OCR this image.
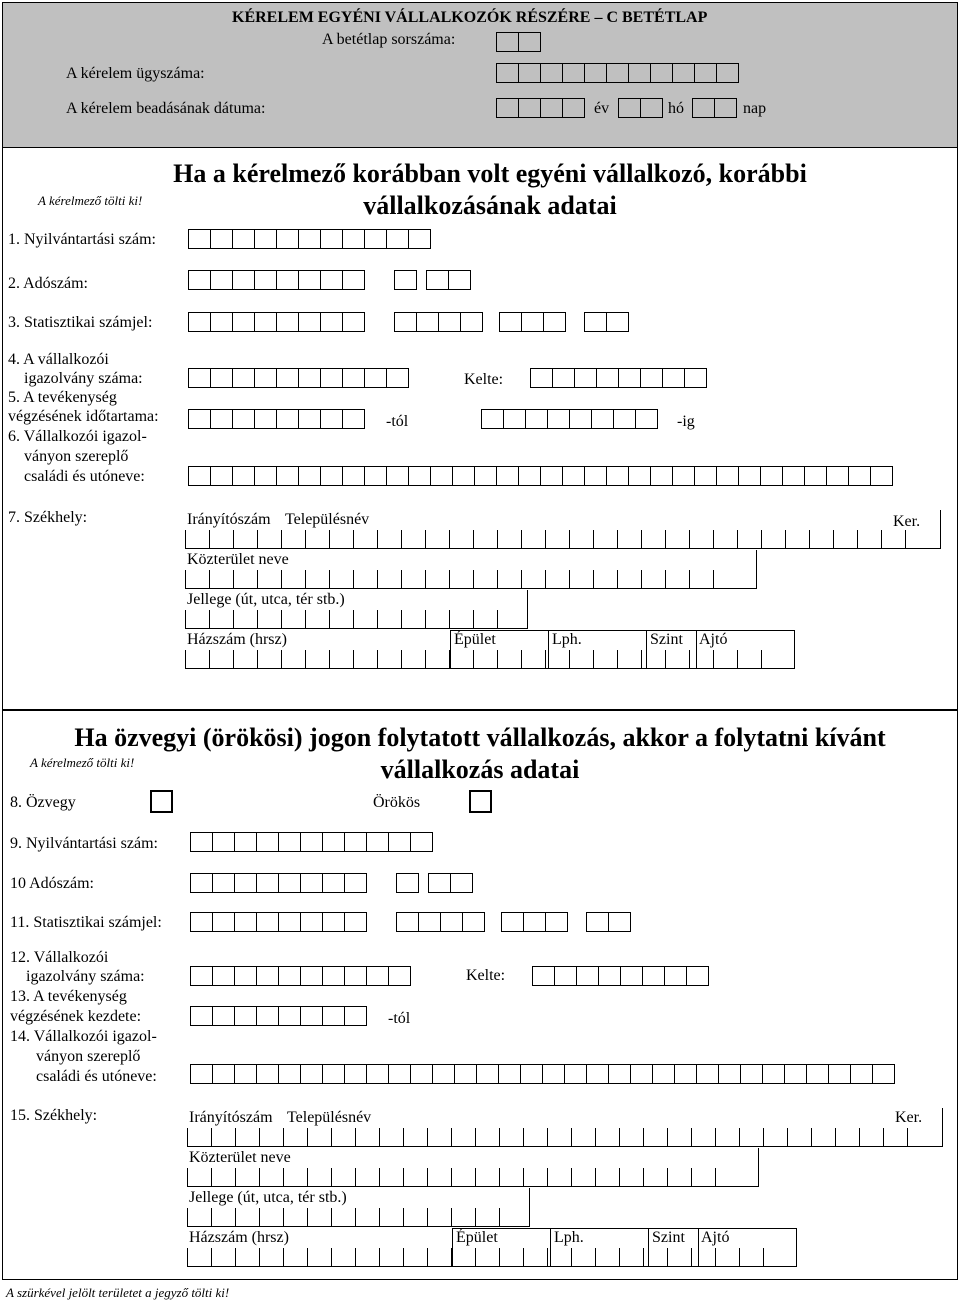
KÉRELEM EGYÉNI VÁLLALKOZÓK RÉSZÉRE – C BETÉTLAP
A betétlap sorszáma:
A kérelem ügyszáma:
A kérelem beadásának dátuma:	év	hó	nap
A kérelmező tölti ki!
Ha a kérelmező korábban volt egyéni vállalkozó, korábbi vállalkozásának adatai
1. Nyilvántartási szám:
2. Adószám:
3. Statisztikai számjel:
4. A vállalkozói
igazolvány száma:	Kelte:
5. A tevékenység
végzésének időtartama:	-tól	-ig
6. Vállalkozói igazol-
ványon szereplő
családi és utóneve:
7. Székhely:	Irányítószám Településnév	Ker.
Közterület neve
Jellege (út, utca, tér stb.)
Házszám (hrsz)	Épület	Lph.	Szint Ajtó
Ha özvegyi (örökösi) jogon folytatott vállalkozás, akkor a folytatni kívánt vállalkozás adatai
A kérelmező tölti ki!
8. Özvegy	Örökös
9. Nyilvántartási szám:
10 Adószám:
11. Statisztikai számjel:
12. Vállalkozói
igazolvány száma:	Kelte:
13. A tevékenység
végzésének kezdete:	-tól
14. Vállalkozói igazol-
ványon szereplő
családi és utóneve:
15. Székhely:	Irányítószám Településnév	Ker.
Közterület neve
Jellege (út, utca, tér stb.)
Házszám (hrsz)	Épület	Lph.	Szint Ajtó
A szürkével jelölt területet a jegyző tölti ki!
